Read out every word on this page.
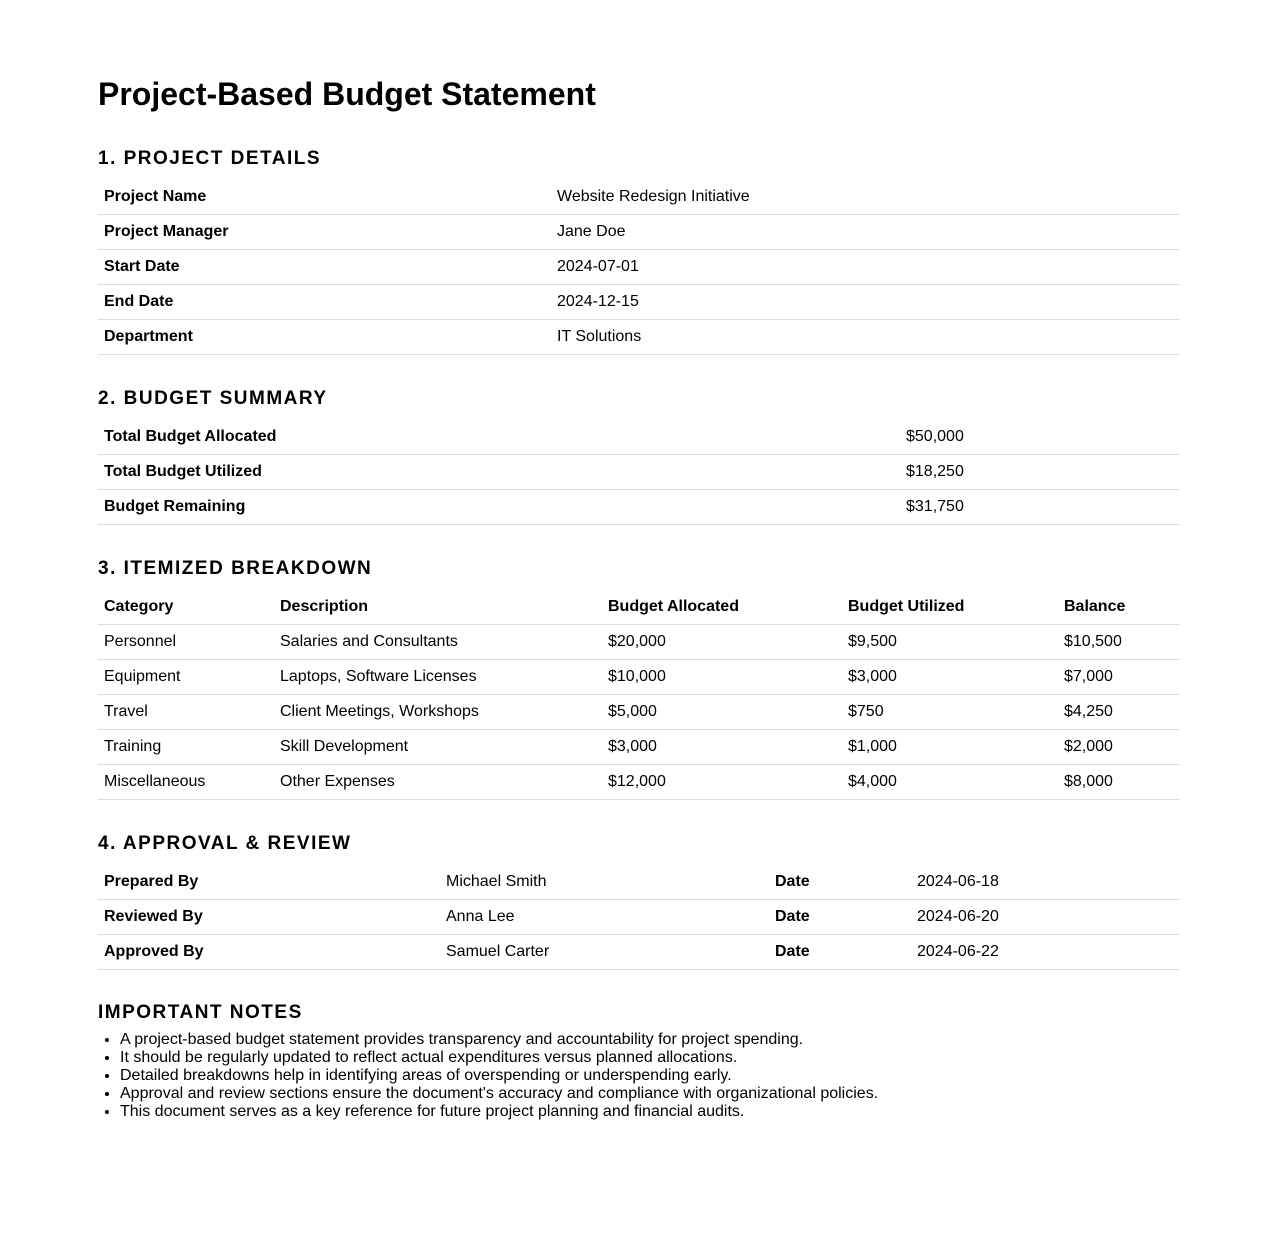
Project-Based Budget Statement
1. PROJECT DETAILS
Project Name	Website Redesign Initiative
Project Manager	Jane Doe
Start Date	2024-07-01
End Date	2024-12-15
Department	IT Solutions
2. BUDGET SUMMARY
Total Budget Allocated	$50,000
Total Budget Utilized	$18,250
Budget Remaining	$31,750
3. ITEMIZED BREAKDOWN
Category	Description	Budget Allocated	Budget Utilized	Balance
Personnel	Salaries and Consultants	$20,000	$9,500	$10,500
Equipment	Laptops, Software Licenses	$10,000	$3,000	$7,000
Travel	Client Meetings, Workshops	$5,000	$750	$4,250
Training	Skill Development	$3,000	$1,000	$2,000
Miscellaneous	Other Expenses	$12,000	$4,000	$8,000
4. APPROVAL & REVIEW
Prepared By	Michael Smith	Date	2024-06-18
Reviewed By	Anna Lee	Date	2024-06-20
Approved By	Samuel Carter	Date	2024-06-22
IMPORTANT NOTES
• A project-based budget statement provides transparency and accountability for project spending.
• It should be regularly updated to reflect actual expenditures versus planned allocations.
• Detailed breakdowns help in identifying areas of overspending or underspending early.
• Approval and review sections ensure the document's accuracy and compliance with organizational policies.
• This document serves as a key reference for future project planning and financial audits.
